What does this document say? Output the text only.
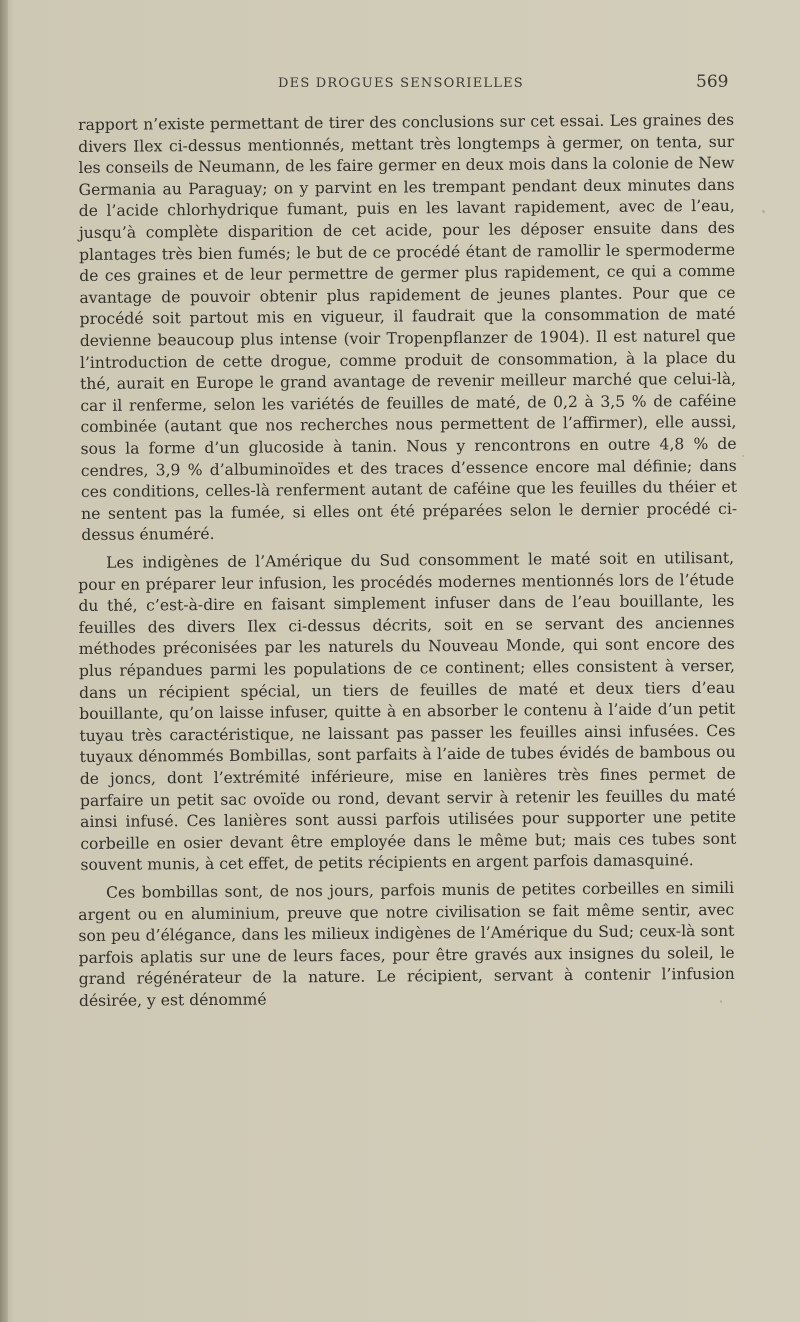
DES DROGUES SENSORIELLES	569

rapport n’existe permettant de tirer des conclusions sur cet essai. Les graines des divers Ilex ci-dessus mentionnés, mettant très longtemps à germer, on tenta, sur les conseils de Neumann, de les faire germer en deux mois dans la colonie de New Germania au Paraguay; on y parvint en les trempant pendant deux minutes dans de l’acide chlorhydrique fumant, puis en les lavant rapidement, avec de l’eau, jusqu’à complète disparition de cet acide, pour les déposer ensuite dans des plantages très bien fumés; le but de ce procédé étant de ramollir le spermoderme de ces graines et de leur permettre de germer plus rapidement, ce qui a comme avantage de pouvoir obtenir plus rapidement de jeunes plantes. Pour que ce procédé soit partout mis en vigueur, il faudrait que la consommation de maté devienne beaucoup plus intense (voir Tropenpflanzer de 1904). Il est naturel que l’introduction de cette drogue, comme produit de consommation, à la place du thé, aurait en Europe le grand avantage de revenir meilleur marché que celui-là, car il renferme, selon les variétés de feuilles de maté, de 0,2 à 3,5 % de caféine combinée (autant que nos recherches nous permettent de l’affirmer), elle aussi, sous la forme d’un glucoside à tanin. Nous y rencontrons en outre 4,8 % de cendres, 3,9 % d’albuminoïdes et des traces d’essence encore mal définie; dans ces conditions, celles-là renferment autant de caféine que les feuilles du théier et ne sentent pas la fumée, si elles ont été préparées selon le dernier procédé ci-dessus énuméré.

Les indigènes de l’Amérique du Sud consomment le maté soit en utilisant, pour en préparer leur infusion, les procédés modernes mentionnés lors de l’étude du thé, c’est-à-dire en faisant simplement infuser dans de l’eau bouillante, les feuilles des divers Ilex ci-dessus décrits, soit en se servant des anciennes méthodes préconisées par les naturels du Nouveau Monde, qui sont encore des plus répandues parmi les populations de ce continent; elles consistent à verser, dans un récipient spécial, un tiers de feuilles de maté et deux tiers d’eau bouillante, qu’on laisse infuser, quitte à en absorber le contenu à l’aide d’un petit tuyau très caractéristique, ne laissant pas passer les feuilles ainsi infusées. Ces tuyaux dénommés Bombillas, sont parfaits à l’aide de tubes évidés de bambous ou de joncs, dont l’extrémité inférieure, mise en lanières très fines permet de parfaire un petit sac ovoïde ou rond, devant servir à retenir les feuilles du maté ainsi infusé. Ces lanières sont aussi parfois utilisées pour supporter une petite corbeille en osier devant être employée dans le même but; mais ces tubes sont souvent munis, à cet effet, de petits récipients en argent parfois damasquiné.

Ces bombillas sont, de nos jours, parfois munis de petites corbeilles en simili argent ou en aluminium, preuve que notre civilisation se fait même sentir, avec son peu d’élégance, dans les milieux indigènes de l’Amérique du Sud; ceux-là sont parfois aplatis sur une de leurs faces, pour être gravés aux insignes du soleil, le grand régénérateur de la nature. Le récipient, servant à contenir l’infusion désirée, y est dénommé
